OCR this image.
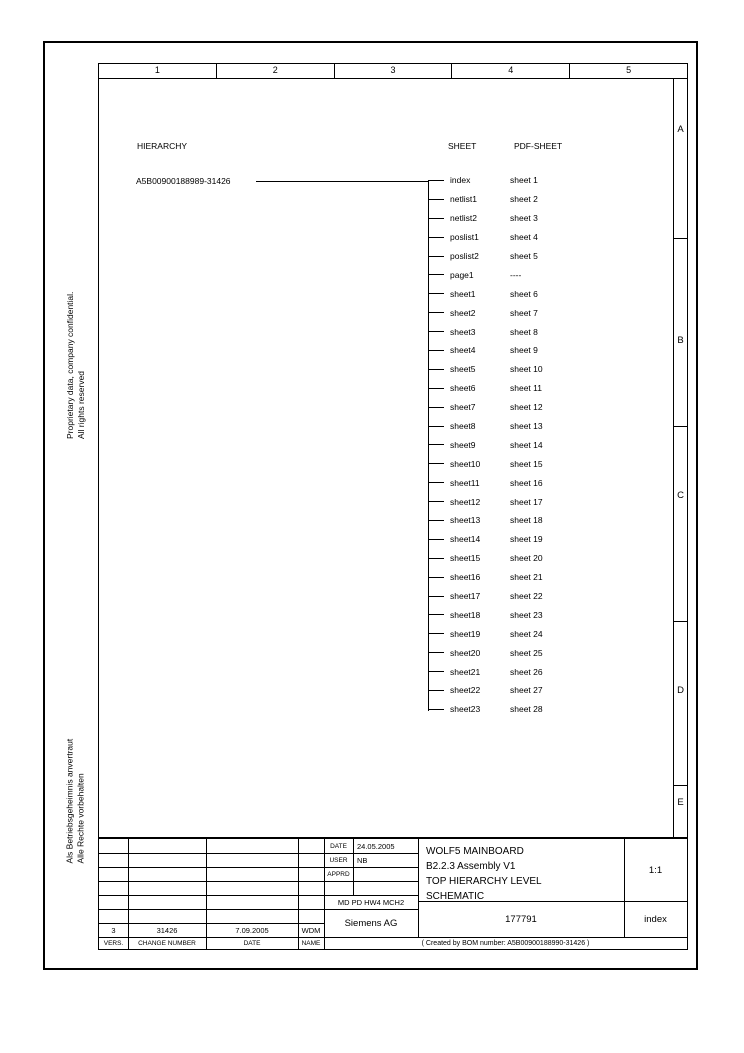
1	2	3	4	5
A
B
C
D
E
Proprietary data, company confidential. All rights reserved
Als Betriebsgeheimnis anvertraut Alle Rechte vorbehalten
HIERARCHY	SHEET	PDF-SHEET
A5B00900188989-31426	index	sheet 1
netlist1	sheet 2
netlist2	sheet 3
poslist1	sheet 4
poslist2	sheet 5
page1	----
sheet1	sheet 6
sheet2	sheet 7
sheet3	sheet 8
sheet4	sheet 9
sheet5	sheet 10
sheet6	sheet 11
sheet7	sheet 12
sheet8	sheet 13
sheet9	sheet 14
sheet10	sheet 15
sheet11	sheet 16
sheet12	sheet 17
sheet13	sheet 18
sheet14	sheet 19
sheet15	sheet 20
sheet16	sheet 21
sheet17	sheet 22
sheet18	sheet 23
sheet19	sheet 24
sheet20	sheet 25
sheet21	sheet 26
sheet22	sheet 27
sheet23	sheet 28
DATE	24.05.2005
USER	NB
APPRD
MD PD HW4 MCH2
Siemens AG
WOLF5 MAINBOARD
B2.2.3 Assembly V1
TOP HIERARCHY LEVEL
SCHEMATIC
1:1
177791	index
( Created by BOM number: A5B00900188990-31426 )
3	31426	7.09.2005	WDM
VERS.	CHANGE NUMBER	DATE	NAME
